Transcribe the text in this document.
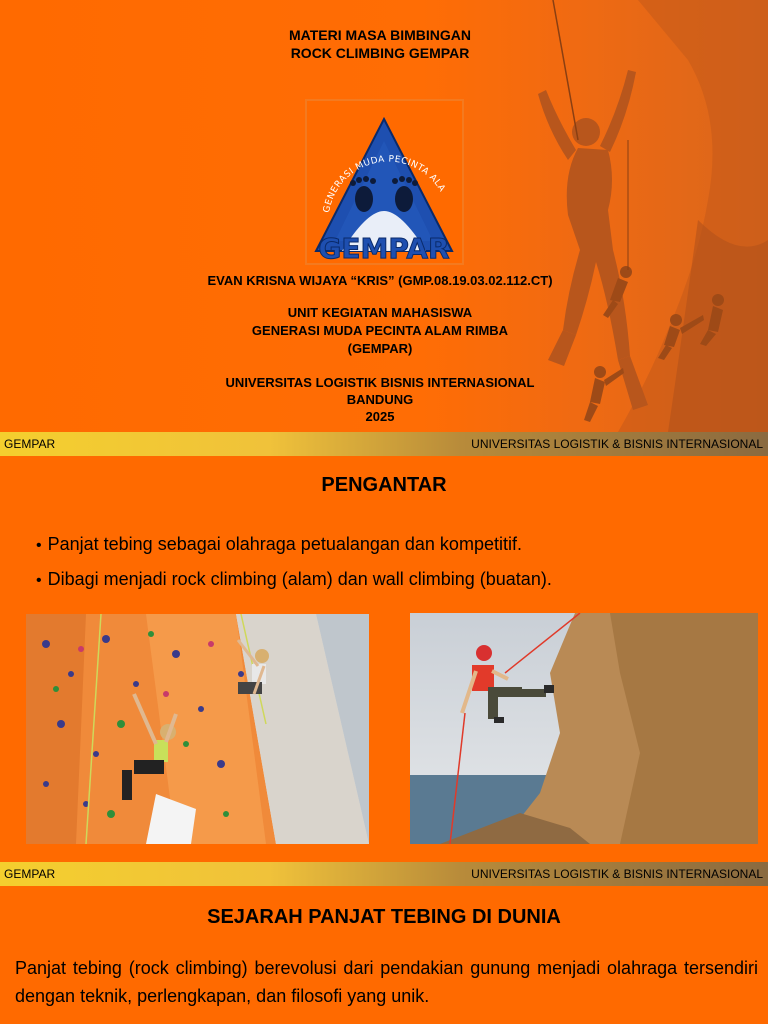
MATERI MASA BIMBINGAN
ROCK CLIMBING GEMPAR
GENERASI MUDA PECINTA ALA
GEMPAR
EVAN KRISNA WIJAYA “KRIS” (GMP.08.19.03.02.112.CT)
UNIT KEGIATAN MAHASISWA
GENERASI MUDA PECINTA ALAM RIMBA
(GEMPAR)
UNIVERSITAS LOGISTIK BISNIS INTERNASIONAL
BANDUNG
2025
GEMPAR	UNIVERSITAS LOGISTIK & BISNIS INTERNASIONAL
PENGANTAR
• Panjat tebing sebagai olahraga petualangan dan kompetitif.
• Dibagi menjadi rock climbing (alam) dan wall climbing (buatan).
GEMPAR	UNIVERSITAS LOGISTIK & BISNIS INTERNASIONAL
SEJARAH PANJAT TEBING DI DUNIA
Panjat tebing (rock climbing) berevolusi dari pendakian gunung menjadi olahraga tersendiri dengan teknik, perlengkapan, dan filosofi yang unik.
